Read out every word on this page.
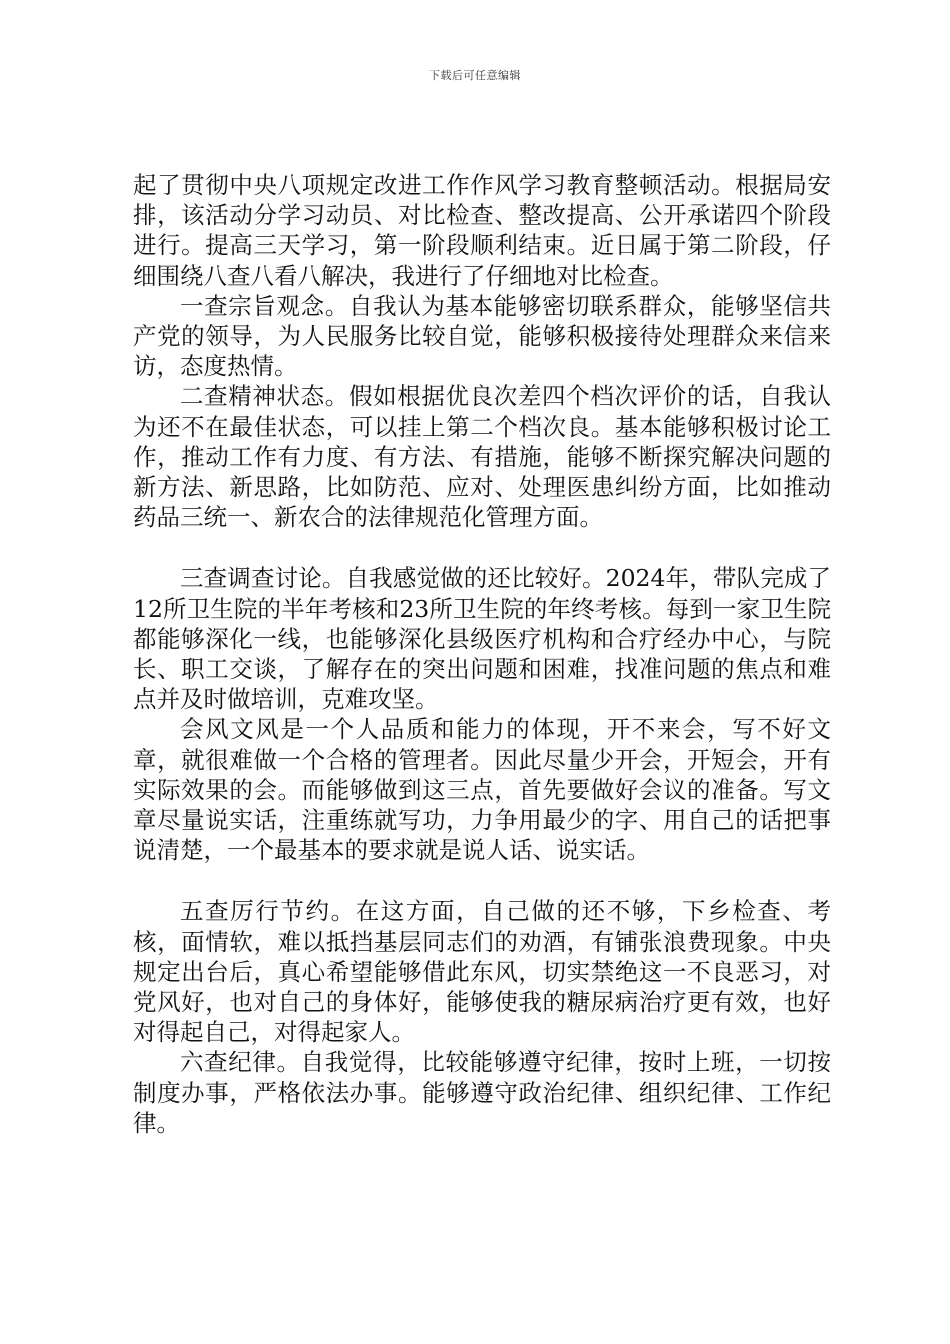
下载后可任意编辑

起了贯彻中央八项规定改进工作作风学习教育整顿活动。根据局安排，该活动分学习动员、对比检查、整改提高、公开承诺四个阶段进行。提高三天学习，第一阶段顺利结束。近日属于第二阶段，仔细围绕八查八看八解决，我进行了仔细地对比检查。

一查宗旨观念。自我认为基本能够密切联系群众，能够坚信共产党的领导，为人民服务比较自觉，能够积极接待处理群众来信来访，态度热情。

二查精神状态。假如根据优良次差四个档次评价的话，自我认为还不在最佳状态，可以挂上第二个档次良。基本能够积极讨论工作，推动工作有力度、有方法、有措施，能够不断探究解决问题的新方法、新思路，比如防范、应对、处理医患纠纷方面，比如推动药品三统一、新农合的法律规范化管理方面。

三查调查讨论。自我感觉做的还比较好。2024年，带队完成了12所卫生院的半年考核和23所卫生院的年终考核。每到一家卫生院都能够深化一线，也能够深化县级医疗机构和合疗经办中心，与院长、职工交谈，了解存在的突出问题和困难，找准问题的焦点和难点并及时做培训，克难攻坚。

会风文风是一个人品质和能力的体现，开不来会，写不好文章，就很难做一个合格的管理者。因此尽量少开会，开短会，开有实际效果的会。而能够做到这三点，首先要做好会议的准备。写文章尽量说实话，注重练就写功，力争用最少的字、用自己的话把事说清楚，一个最基本的要求就是说人话、说实话。

五查厉行节约。在这方面，自己做的还不够，下乡检查、考核，面情软，难以抵挡基层同志们的劝酒，有铺张浪费现象。中央规定出台后，真心希望能够借此东风，切实禁绝这一不良恶习，对党风好，也对自己的身体好，能够使我的糖尿病治疗更有效，也好对得起自己，对得起家人。

六查纪律。自我觉得，比较能够遵守纪律，按时上班，一切按制度办事，严格依法办事。能够遵守政治纪律、组织纪律、工作纪律。
